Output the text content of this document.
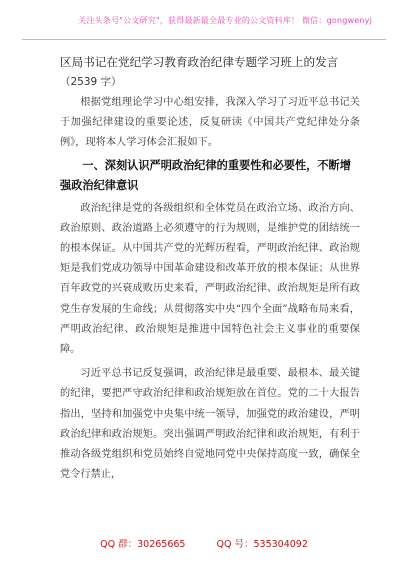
关注头条号"公文研究"，获得最新最全最专业的公文资料库！ 微信：gongwenyj

区局书记在党纪学习教育政治纪律专题学习班上的发言

（2539 字）

根据党组理论学习中心组安排，我深入学习了习近平总书记关于加强纪律建设的重要论述，反复研读《中国共产党纪律处分条例》，现将本人学习体会汇报如下。

一、深刻认识严明政治纪律的重要性和必要性，不断增强政治纪律意识

政治纪律是党的各级组织和全体党员在政治立场、政治方向、政治原则、政治道路上必须遵守的行为规则，是维护党的团结统一的根本保证。从中国共产党的光辉历程看，严明政治纪律、政治规矩是我们党成功领导中国革命建设和改革开放的根本保证；从世界百年政党的兴衰成败历史来看，严明政治纪律、政治规矩是所有政党生存发展的生命线；从贯彻落实中央“四个全面”战略布局来看，严明政治纪律、政治规矩是推进中国特色社会主义事业的重要保障。

习近平总书记反复强调，政治纪律是最重要、最根本、最关键的纪律，要把严守政治纪律和政治规矩放在首位。党的二十大报告指出，坚持和加强党中央集中统一领导，加强党的政治建设，严明政治纪律和政治规矩。突出强调严明政治纪律和政治规矩，有利于推动各级党组织和党员始终自觉地同党中央保持高度一致，确保全党令行禁止，

QQ 群：30265665	QQ 号：535304092
